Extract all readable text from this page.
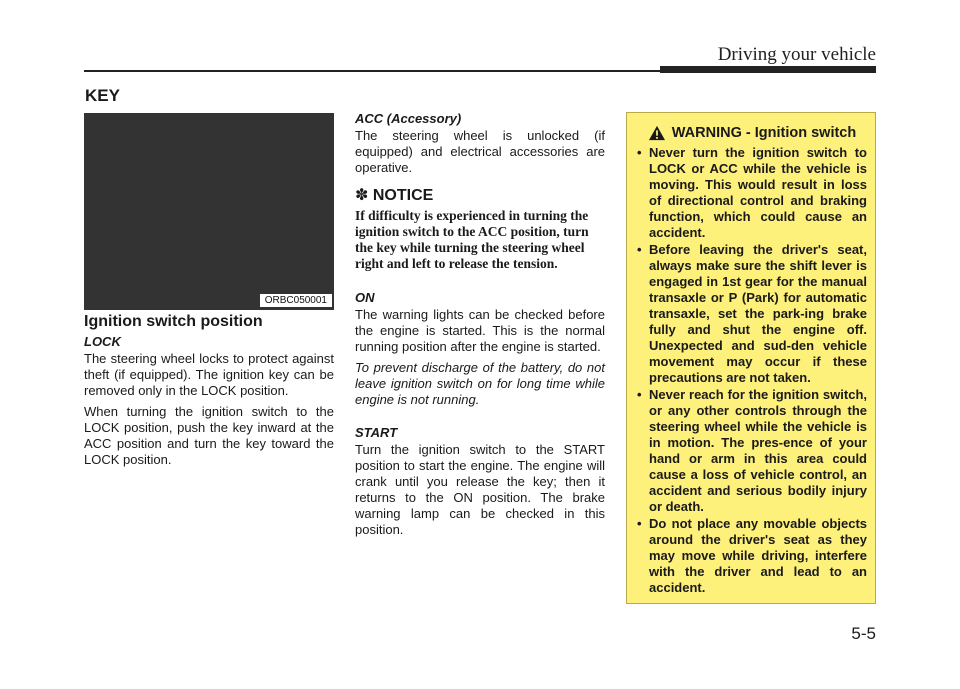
Driving your vehicle
KEY
ORBC050001
Ignition switch position
LOCK

The steering wheel locks to protect against theft (if equipped). The ignition key can be removed only in the LOCK position.

When turning the ignition switch to the LOCK position, push the key inward at the ACC position and turn the key toward the LOCK position.

ACC (Accessory)

The steering wheel is unlocked (if equipped) and electrical accessories are operative.

✽ NOTICE
If difficulty is experienced in turning the ignition switch to the ACC position, turn the key while turning the steering wheel right and left to release the tension.
ON

The warning lights can be checked before the engine is started. This is the normal running position after the engine is started.

To prevent discharge of the battery, do not leave ignition switch on for long time while engine is not running.

START

Turn the ignition switch to the START position to start the engine. The engine will crank until you release the key; then it returns to the ON position. The brake warning lamp can be checked in this position.

WARNING - Ignition switch
• Never turn the ignition switch to LOCK or ACC while the vehicle is moving. This would result in loss of directional control and braking function, which could cause an accident.
• Before leaving the driver's seat, always make sure the shift lever is engaged in 1st gear for the manual transaxle or P (Park) for automatic transaxle, set the park-ing brake fully and shut the engine off. Unexpected and sud-den vehicle movement may occur if these precautions are not taken.
• Never reach for the ignition switch, or any other controls through the steering wheel while the vehicle is in motion. The pres-ence of your hand or arm in this area could cause a loss of vehicle control, an accident and serious bodily injury or death.
• Do not place any movable objects around the driver's seat as they may move while driving, interfere with the driver and lead to an accident.
5-5
